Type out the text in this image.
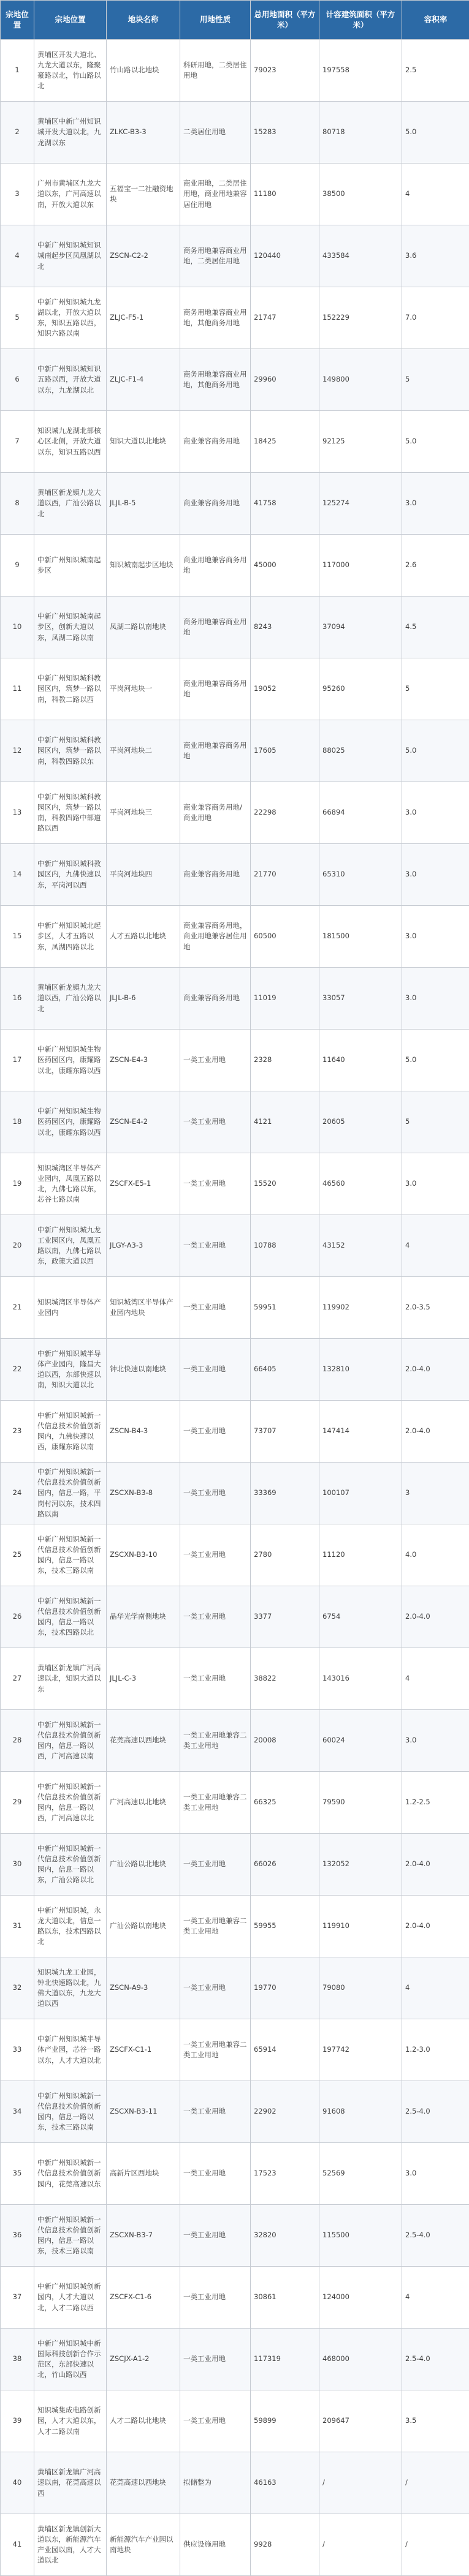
宗地位置	宗地位置	地块名称	用地性质	总用地面积（平方米）	计容建筑面积（平方米）	容积率
1	黄埔区开发大道北、九龙大道以东，隆聚豪路以北，竹山路以北	竹山路以北地块	科研用地，二类居住用地	79023	197558	2.5
2	黄埔区中新广州知识城开发大道以北，九龙湖以东	ZLKC-B3-3	二类居住用地	15283	80718	5.0
3	广州市黄埔区九龙大道以东，广河高速以南，开放大道以东	五福宝一二社融资地块	商业用地，二类居住用地，商业用地兼容居住用地	11180	38500	4
4	中新广州知识城知识城南起步区凤凰湖以北	ZSCN-C2-2	商务用地兼容商业用地，二类居住用地	120440	433584	3.6
5	中新广州知识城九龙湖以北，开放大道以东，知识五路以西，知识六路以南	ZLJC-F5-1	商务用地兼容商业用地，其他商务用地	21747	152229	7.0
6	中新广州知识城知识五路以西，开放大道以东，九龙湖以北	ZLJC-F1-4	商务用地兼容商业用地，其他商务用地	29960	149800	5
7	知识城九龙湖北部核心区北侧，开放大道以东，知识五路以西	知识大道以北地块	商业兼容商务用地	18425	92125	5.0
8	黄埔区新龙镇九龙大道以西，广汕公路以北	JLJL-B-5	商业兼容商务用地	41758	125274	3.0
9	中新广州知识城南起步区	知识城南起步区地块	商业用地兼容商务用地	45000	117000	2.6
10	中新广州知识城南起步区，创新大道以东，凤湖二路以南	凤湖二路以南地块	商务用地兼容商业用地	8243	37094	4.5
11	中新广州知识城科教园区内，筑梦一路以南，科教二路以西	平岗河地块一	商业用地兼容商务用地	19052	95260	5
12	中新广州知识城科教园区内，筑梦一路以南，科教四路以东	平岗河地块二	商业用地兼容商务用地	17605	88025	5.0
13	中新广州知识城科教园区内，筑梦一路以南，科教四路中部道路以西	平岗河地块三	商业兼容商务用地/商业用地	22298	66894	3.0
14	中新广州知识城科教园区内，九佛快速以东，平岗河以西	平岗河地块四	商业兼容商务用地	21770	65310	3.0
15	中新广州知识城北起步区，人才五路以东，凤湖四路以北	人才五路以北地块	商业兼容商务用地，商业用地兼容居住用地	60500	181500	3.0
16	黄埔区新龙镇九龙大道以西，广汕公路以北	JLJL-B-6	商业兼容商务用地	11019	33057	3.0
17	中新广州知识城生物医药园区内，康耀路以北，康耀东路以西	ZSCN-E4-3	一类工业用地	2328	11640	5.0
18	中新广州知识城生物医药园区内，康耀路以北，康耀东路以西	ZSCN-E4-2	一类工业用地	4121	20605	5
19	知识城湾区半导体产业园内，凤凰五路以北，九佛七路以东，芯谷七路以南	ZSCFX-E5-1	一类工业用地	15520	46560	3.0
20	中新广州知识城九龙工业园区内，凤凰五路以南，九佛七路以东，政策大道以西	JLGY-A3-3	一类工业用地	10788	43152	4
21	知识城湾区半导体产业园内	知识城湾区半导体产业园内地块	一类工业用地	59951	119902	2.0-3.5
22	中新广州知识城半导体产业园内，隆昌大道以西，东部快速以南，知识大道以北	钟北快速以南地块	一类工业用地	66405	132810	2.0-4.0
23	中新广州知识城新一代信息技术价值创新园内，九佛快速以西，康耀东路以南	ZSCN-B4-3	一类工业用地	73707	147414	2.0-4.0
24	中新广州知识城新一代信息技术价值创新园内，信息一路，平岗村河以东，技术四路以南	ZSCXN-B3-8	一类工业用地	33369	100107	3
25	中新广州知识城新一代信息技术价值创新园内，信息一路以东，技术三路以南	ZSCXN-B3-10	一类工业用地	2780	11120	4.0
26	中新广州知识城新一代信息技术价值创新园内，信息一路以东，技术四路以北	晶华光学南侧地块	一类工业用地	3377	6754	2.0-4.0
27	黄埔区新龙镇广河高速以北，知识大道以东	JLJL-C-3	一类工业用地	38822	143016	4
28	中新广州知识城新一代信息技术价值创新园内，信息一路以西，广河高速以南	花莞高速以西地块	一类工业用地兼容二类工业用地	20008	60024	3.0
29	中新广州知识城新一代信息技术价值创新园内，信息一路以西，广河高速以北	广河高速以北地块	一类工业用地兼容二类工业用地	66325	79590	1.2-2.5
30	中新广州知识城新一代信息技术价值创新园内，信息一路以东，广汕公路以北	广汕公路以北地块	一类工业用地	66026	132052	2.0-4.0
31	中新广州知识城，永龙大道以北，信息一路以东，技术四路以北	广汕公路以南地块	一类工业用地兼容二类工业用地	59955	119910	2.0-4.0
32	知识城九龙工业园，钟北快速路以北，九佛大道以东，九龙大道以西	ZSCN-A9-3	一类工业用地	19770	79080	4
33	中新广州知识城半导体产业园，芯谷一路以东，人才大道以北	ZSCFX-C1-1	一类工业用地兼容二类工业用地	65914	197742	1.2-3.0
34	中新广州知识城新一代信息技术价值创新园内，信息一路以东，技术三路以南	ZSCXN-B3-11	一类工业用地	22902	91608	2.5-4.0
35	中新广州知识城新一代信息技术价值创新园内，花莞高速以东	高新片区西地块	一类工业用地	17523	52569	3.0
36	中新广州知识城新一代信息技术价值创新园内，信息一路以东，技术三路以南	ZSCXN-B3-7	一类工业用地	32820	115500	2.5-4.0
37	中新广州知识城创新园内，人才大道以北，人才二路以西	ZSCFX-C1-6	一类工业用地	30861	124000	4
38	中新广州知识城中新国际科技创新合作示范区，东部快速以北，竹山路以西	ZSCJX-A1-2	一类工业用地	117319	468000	2.5-4.0
39	知识城集成电路创新园，人才大道以东，人才二路以南	人才二路以北地块	一类工业用地	59899	209647	3.5
40	黄埔区新龙镇广河高速以南，花莞高速以西	花莞高速以西地块	拟储整为	46163	/	/
41	黄埔区新龙镇创新大道以东，新能源汽车产业园以南，人才大道以北	新能源汽车产业园以南地块	供应设施用地	9928	/	/
